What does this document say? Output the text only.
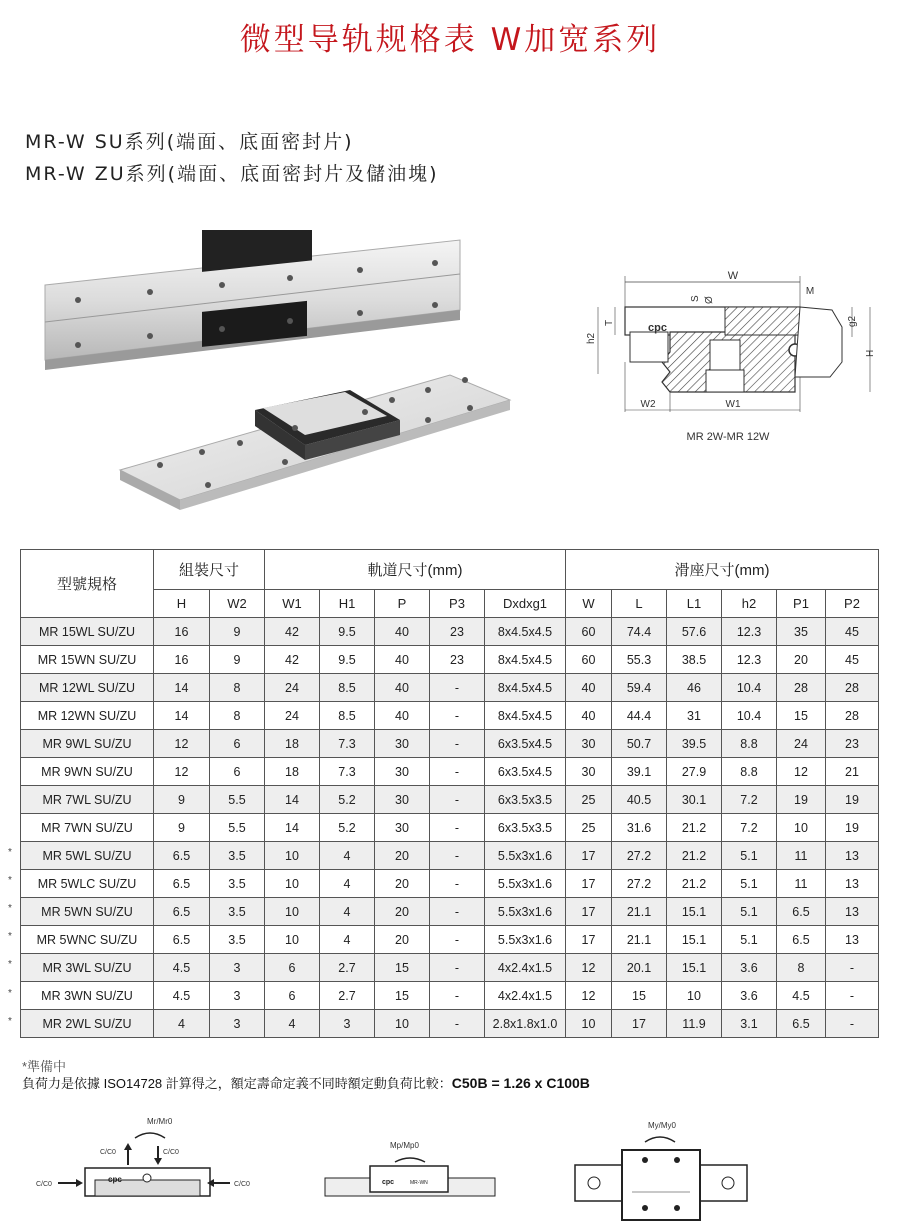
微型导轨规格表 W加宽系列
MR-W SU系列(端面、底面密封片)
MR-W ZU系列(端面、底面密封片及儲油塊)
W
M
S Ø
cpc
T
h2
g2
H
W2	W1
MR 2W-MR 12W
型號規格	組裝尺寸		軌道尺寸(mm)					滑座尺寸(mm)					
	H	W2	W1	H1	P	P3	Dxdxg1	W	L	L1	h2	P1	P2
MR 15WL SU/ZU	16	9	42	9.5	40	23	8x4.5x4.5	60	74.4	57.6	12.3	35	45
MR 15WN SU/ZU	16	9	42	9.5	40	23	8x4.5x4.5	60	55.3	38.5	12.3	20	45
MR 12WL SU/ZU	14	8	24	8.5	40	-	8x4.5x4.5	40	59.4	46	10.4	28	28
MR 12WN SU/ZU	14	8	24	8.5	40	-	8x4.5x4.5	40	44.4	31	10.4	15	28
MR 9WL SU/ZU	12	6	18	7.3	30	-	6x3.5x4.5	30	50.7	39.5	8.8	24	23
MR 9WN SU/ZU	12	6	18	7.3	30	-	6x3.5x4.5	30	39.1	27.9	8.8	12	21
MR 7WL SU/ZU	9	5.5	14	5.2	30	-	6x3.5x3.5	25	40.5	30.1	7.2	19	19
MR 7WN SU/ZU	9	5.5	14	5.2	30	-	6x3.5x3.5	25	31.6	21.2	7.2	10	19
MR 5WL SU/ZU	6.5	3.5	10	4	20	-	5.5x3x1.6	17	27.2	21.2	5.1	11	13
MR 5WLC SU/ZU	6.5	3.5	10	4	20	-	5.5x3x1.6	17	27.2	21.2	5.1	11	13
MR 5WN SU/ZU	6.5	3.5	10	4	20	-	5.5x3x1.6	17	21.1	15.1	5.1	6.5	13
MR 5WNC SU/ZU	6.5	3.5	10	4	20	-	5.5x3x1.6	17	21.1	15.1	5.1	6.5	13
MR 3WL SU/ZU	4.5	3	6	2.7	15	-	4x2.4x1.5	12	20.1	15.1	3.6	8	-
MR 3WN SU/ZU	4.5	3	6	2.7	15	-	4x2.4x1.5	12	15	10	3.6	4.5	-
MR 2WL SU/ZU	4	3	4	3	10	-	2.8x1.8x1.0	10	17	11.9	3.1	6.5	-
*
*
*
*
*
*
*
*準備中
負荷力是依據 ISO14728 計算得之，額定壽命定義不同時額定動負荷比較：C50B = 1.26 x C100B
Mr/Mr0
C/C0	C/C0
cpc
C/C0	C/C0
Mp/Mp0
cpc	MR-WN
My/My0
